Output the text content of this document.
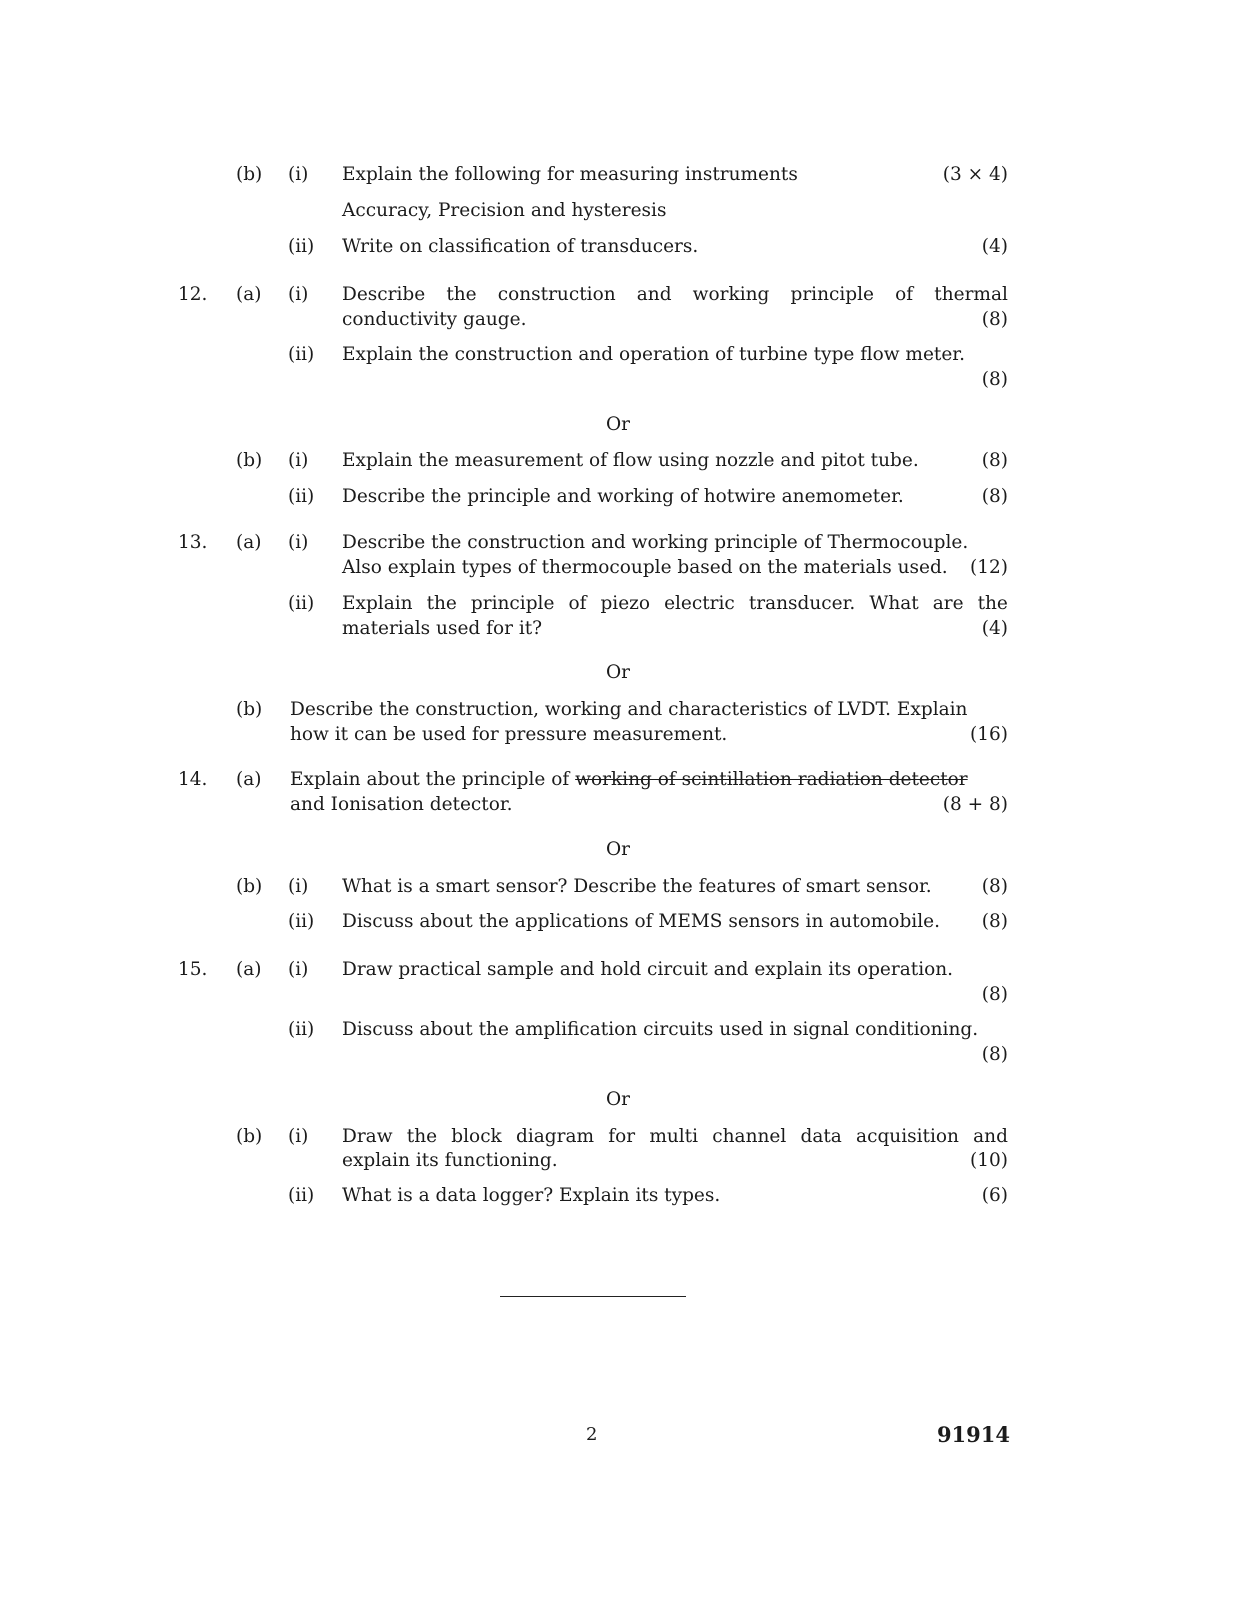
(b) (i) Explain the following for measuring instruments	(3 × 4)
Accuracy, Precision and hysteresis
(ii) Write on classification of transducers.	(4)
12. (a) (i) Describe the construction and working principle of thermal
conductivity gauge.	(8)
(ii) Explain the construction and operation of turbine type flow meter.
(8)
Or
(b) (i) Explain the measurement of flow using nozzle and pitot tube.	(8)
(ii) Describe the principle and working of hotwire anemometer.	(8)
13. (a) (i) Describe the construction and working principle of Thermocouple.
Also explain types of thermocouple based on the materials used. (12)
(ii) Explain the principle of piezo electric transducer. What are the
materials used for it?	(4)
Or
(b) Describe the construction, working and characteristics of LVDT. Explain
how it can be used for pressure measurement.	(16)
14. (a) Explain about the principle of working of scintillation radiation detector
and Ionisation detector.	(8 + 8)
Or
(b) (i) What is a smart sensor? Describe the features of smart sensor.	(8)
(ii) Discuss about the applications of MEMS sensors in automobile. (8)
15. (a) (i) Draw practical sample and hold circuit and explain its operation.
(8)
(ii) Discuss about the amplification circuits used in signal conditioning.
(8)
Or
(b) (i) Draw the block diagram for multi channel data acquisition and
explain its functioning.	(10)
(ii) What is a data logger? Explain its types.	(6)
2	91914
